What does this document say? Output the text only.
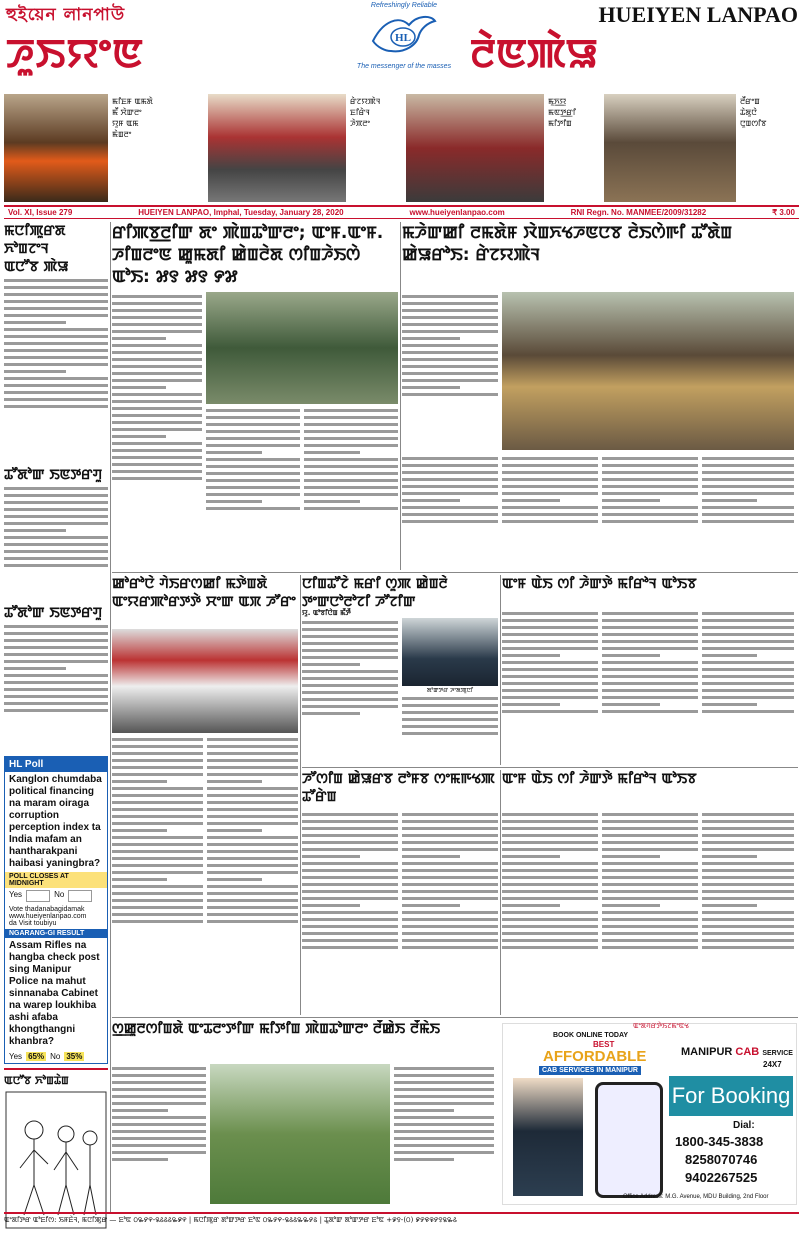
হুইয়েন লানপাউ
ꯍꯨꯏꯌꯦꯟ
Refreshingly Reliable
HL
The messenger of the masses
HUEIYEN LANPAO
ꯂꯥꯟꯄꯥꯎ
ꯃꯤꯐꯝ ꯑꯃꯗꯥ
ꯃꯩ ꯆꯥꯛꯂꯦ
ꯌꯨꯝ ꯑꯃ
ꯃꯥꯡꯂꯦ
ꯔꯥꯖꯌꯄꯥꯜ
ꯐꯤꯔꯥꯜ
ꯍꯥꯞꯂꯦ
ꯃꯨꯈ꯭ꯌ
ꯃꯟꯇ꯭ꯔꯤ
ꯃꯤꯇꯤꯡ
ꯂꯩꯔꯦꯡ
ꯊꯥꯗꯨꯅꯥ
ꯅꯨꯡꯁꯤꯕ
Vol. XI, Issue 279	HUEIYEN LANPAO, Imphal, Tuesday, January 28, 2020	www.hueiyenlanpao.com	RNI Regn. No. MANMEE/2009/31282	₹ 3.00
ꯃꯅꯤꯄꯨꯔꯗ ꯈꯣꯡꯖꯦꯜ
ꯑꯅꯧꯕ ꯄꯥꯎ
ꯊꯧꯗꯣꯛ ꯏꯟꯇꯔꯚꯨ
ꯊꯧꯗꯣꯛ ꯏꯟꯇꯔꯚꯨ
HL Poll
Kanglon chumdaba political financing na maram oiraga corruption perception index ta India mafam an hantharakpani haibasi yaningbra?
POLL CLOSES AT MIDNIGHT
Yes	No
Vote thadanabagidamak
www.hueiyenlanpao.com
da Visit toubiyu
NGARANG-GI RESULT
Assam Rifles na hangba check post sing Manipur Police na mahut sinnanaba Cabinet na warep loukhiba ashi afaba khongthangni khanbra?
Yes 65% No 35%
ꯑꯅꯧꯕ ꯈꯣꯡꯊꯥꯡ
ꯔꯤꯄꯕ꯭ꯂꯤꯛ ꯗꯦ ꯄꯥꯡꯊꯣꯛꯂꯦ; ꯑꯦꯝ.ꯑꯦꯝ. ꯍꯤꯡꯂꯦꯟ ꯀꯨꯃꯗꯤ ꯀꯥꯡꯂꯥꯗ ꯁꯤꯡꯍꯥꯏꯁꯥ ꯑꯣꯏ: ꯷꯱ ꯷꯱ ꯸꯷
ꯃꯍꯥꯛꯀꯤ ꯂꯃꯗꯥꯝ ꯋꯥꯡꯈꯠꯍꯟꯅꯕ ꯂꯥꯏꯁꯥꯒꯤ ꯊꯧꯗꯥꯡ ꯀꯥꯎꯔꯣꯏ: ꯔꯥꯖꯌꯄꯥꯜ
ꯀꯣꯔꯣꯅꯥ ꯚꯥꯏꯔꯁꯀꯤ ꯃꯇꯥꯡꯗꯥ ꯑꯦꯌꯔꯄꯣꯔꯇꯇꯥ ꯆꯦꯛ ꯑꯞ ꯍꯧꯔꯦ
ꯅꯤꯡꯊꯧꯖꯥ ꯃꯔꯤ ꯁꯨꯄ ꯀꯥꯡꯂꯥ ꯇꯦꯛꯅꯣꯂꯣꯖꯤ ꯍꯧꯖꯤꯛ
ꯌꯨ. ꯑꯣꯕꯤꯅꯥꯡ ꯃꯩꯇꯩ
ꯗꯣꯛꯇꯔ ꯍꯦꯗꯄꯨꯅꯤ
ꯑꯦꯝ ꯑꯥꯏ ꯁꯤ ꯍꯥꯛꯇꯥ ꯃꯤꯔꯣꯜ ꯑꯣꯏꯕ
ꯍꯧꯁꯤꯡ ꯀꯥꯎꯔꯕ ꯂꯣꯝꯕ ꯁꯦꯃꯒꯠꯄ ꯊꯧꯔꯥꯡ
ꯑꯦꯝ ꯑꯥꯏ ꯁꯤ ꯍꯥꯛꯇꯥ ꯃꯤꯔꯣꯜ ꯑꯣꯏꯕ
ꯁ꯭ꯀꯨꯂꯁꯤꯡꯗꯥ ꯑꯦꯊꯂꯦꯇꯤꯛ ꯃꯤꯇꯤꯡ ꯄꯥꯡꯊꯣꯛꯂꯦ ꯂꯩꯀꯥꯏ ꯂꯩꯃꯥꯏ	ꯑꯦꯗꯚꯔꯇꯥꯏꯖꯃꯦꯟꯠ
BOOK ONLINE TODAY
BEST
AFFORDABLE
CAB SERVICES IN MANIPUR
MANIPUR CAB SERVICE
24X7
For Booking
Dial:
1800-345-3838
8258070746
9402267525
Office Address: M.G. Avenue, MDU Building, 2nd Floor
ꯑꯦꯗꯤꯇꯔ ꯑꯣꯐꯤꯁ: ꯏꯝꯐꯥꯜ, ꯃꯅꯤꯄꯨꯔ — ꯐꯣꯟ ꯰꯳꯸꯵-꯲꯴꯴꯴꯳꯹꯵ | ꯃꯅꯤꯄꯨꯔ ꯗꯣꯛꯇꯔ ꯐꯣꯟ ꯰꯳꯸꯵-꯲꯴꯴꯳꯳꯸꯴ | ꯊꯨꯗꯣꯛ ꯗꯣꯛꯇꯔ ꯐꯣꯟ +꯹꯱-(꯰) ꯹꯸꯶꯶꯸꯱꯲꯳꯴
